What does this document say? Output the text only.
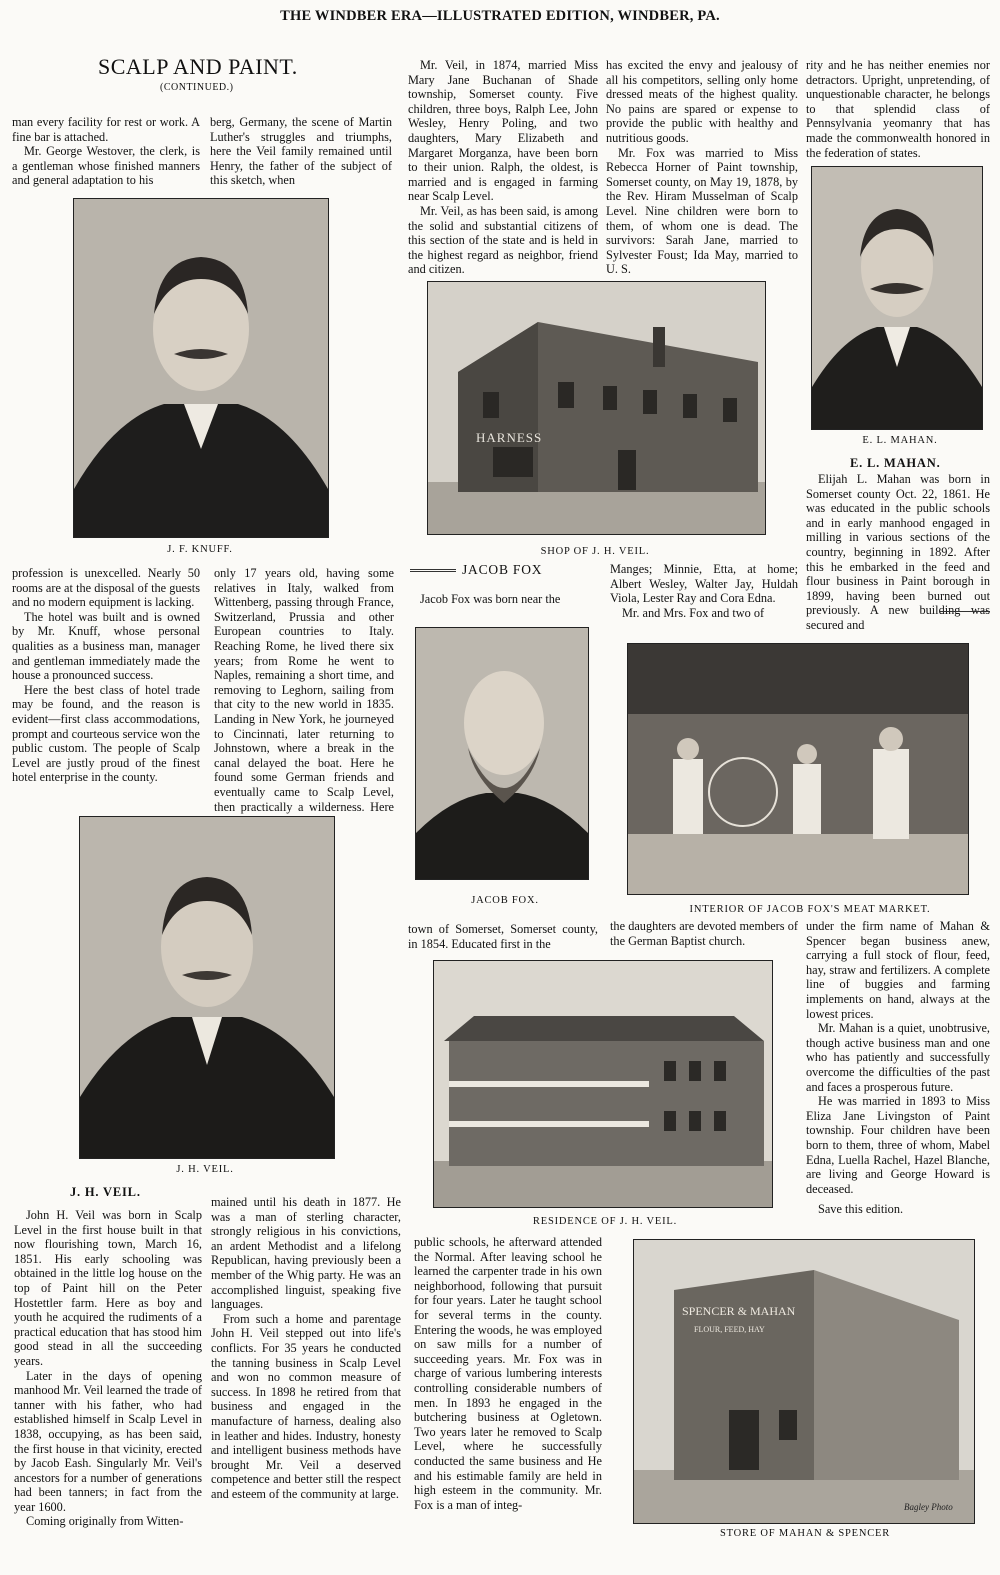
THE WINDBER ERA—ILLUSTRATED EDITION, WINDBER, PA.
SCALP AND PAINT.
(CONTINUED.)

man every facility for rest or work. A fine bar is attached.

Mr. George Westover, the clerk, is a gentleman whose finished manners and general adaptation to his

berg, Germany, the scene of Martin Luther's struggles and triumphs, here the Veil family remained until Henry, the father of the subject of this sketch, when

Mr. Veil, in 1874, married Miss Mary Jane Buchanan of Shade township, Somerset county. Five children, three boys, Ralph Lee, John Wesley, Henry Poling, and two daughters, Mary Elizabeth and Margaret Morganza, have been born to their union. Ralph, the oldest, is married and is engaged in farming near Scalp Level.

Mr. Veil, as has been said, is among the solid and substantial citizens of this section of the state and is held in the highest regard as neighbor, friend and citizen.

has excited the envy and jealousy of all his competitors, selling only home dressed meats of the highest quality. No pains are spared or expense to provide the public with healthy and nutritious goods.

Mr. Fox was married to Miss Rebecca Horner of Paint township, Somerset county, on May 19, 1878, by the Rev. Hiram Musselman of Scalp Level. Nine children were born to them, of whom one is dead. The survivors: Sarah Jane, married to Sylvester Foust; Ida May, married to U. S.

rity and he has neither enemies nor detractors. Upright, unpretending, of unquestionable character, he belongs to that splendid class of Pennsylvania yeomanry that has made the commonwealth honored in the federation of states.

J. F. KNUFF.
HARNESS
SHOP OF J. H. VEIL.
E. L. MAHAN.
E. L. MAHAN.

Elijah L. Mahan was born in Somerset county Oct. 22, 1861. He was educated in the public schools and in early manhood engaged in milling in various sections of the country, beginning in 1892. After this he embarked in the feed and flour business in Paint borough in 1899, having been burned out previously. A new building was secured and

profession is unexcelled. Nearly 50 rooms are at the disposal of the guests and no modern equipment is lacking.

The hotel was built and is owned by Mr. Knuff, whose personal qualities as a business man, manager and gentleman immediately made the house a pronounced success.

Here the best class of hotel trade may be found, and the reason is evident—first class accommodations, prompt and courteous service won the public custom. The people of Scalp Level are justly proud of the finest hotel enterprise in the county.

only 17 years old, having some relatives in Italy, walked from Wittenberg, passing through France, Switzerland, Prussia and other European countries to Italy. Reaching Rome, he lived there six years; from Rome he went to Naples, remaining a short time, and removing to Leghorn, sailing from that city to the new world in 1835. Landing in New York, he journeyed to Cincinnati, later returning to Johnstown, where a break in the canal delayed the boat. Here he found some German friends and eventually came to Scalp Level, then practically a wilderness. Here

JACOB FOX

Jacob Fox was born near the

Manges; Minnie, Etta, at home; Albert Wesley, Walter Jay, Huldah Viola, Lester Ray and Cora Edna.

Mr. and Mrs. Fox and two of

JACOB FOX.
INTERIOR OF JACOB FOX'S MEAT MARKET.
J. H. VEIL.
J. H. VEIL.

town of Somerset, Somerset county, in 1854. Educated first in the

the daughters are devoted members of the German Baptist church.

under the firm name of Mahan & Spencer began business anew, carrying a full stock of flour, feed, hay, straw and fertilizers. A complete line of buggies and farming implements on hand, always at the lowest prices.

Mr. Mahan is a quiet, unobtrusive, though active business man and one who has patiently and successfully overcome the difficulties of the past and faces a prosperous future.

He was married in 1893 to Miss Eliza Jane Livingston of Paint township. Four children have been born to them, three of whom, Mabel Edna, Luella Rachel, Hazel Blanche, are living and George Howard is deceased.

Save this edition.

RESIDENCE OF J. H. VEIL.

John H. Veil was born in Scalp Level in the first house built in that now flourishing town, March 16, 1851. His early schooling was obtained in the little log house on the top of Paint hill on the Peter Hostettler farm. Here as boy and youth he acquired the rudiments of a practical education that has stood him good stead in all the succeeding years.

Later in the days of opening manhood Mr. Veil learned the trade of tanner with his father, who had established himself in Scalp Level in 1838, occupying, as has been said, the first house in that vicinity, erected by Jacob Eash. Singularly Mr. Veil's ancestors for a number of generations had been tanners; in fact from the year 1600.

Coming originally from Witten-

mained until his death in 1877. He was a man of sterling character, strongly religious in his convictions, an ardent Methodist and a lifelong Republican, having previously been a member of the Whig party. He was an accomplished linguist, speaking five languages.

From such a home and parentage John H. Veil stepped out into life's conflicts. For 35 years he conducted the tanning business in Scalp Level and won no common measure of success. In 1898 he retired from that business and engaged in the manufacture of harness, dealing also in leather and hides. Industry, honesty and intelligent business methods have brought Mr. Veil a deserved competence and better still the respect and esteem of the community at large.

public schools, he afterward attended the Normal. After leaving school he learned the carpenter trade in his own neighborhood, following that pursuit for four years. Later he taught school for several terms in the county. Entering the woods, he was employed on saw mills for a number of succeeding years. Mr. Fox was in charge of various lumbering interests controlling considerable numbers of men. In 1893 he engaged in the butchering business at Ogletown. Two years later he removed to Scalp Level, where he successfully conducted the same business and He and his estimable family are held in high esteem in the community. Mr. Fox is a man of integ-

SPENCER & MAHAN
FLOUR, FEED, HAY
Bagley Photo
STORE OF MAHAN & SPENCER
